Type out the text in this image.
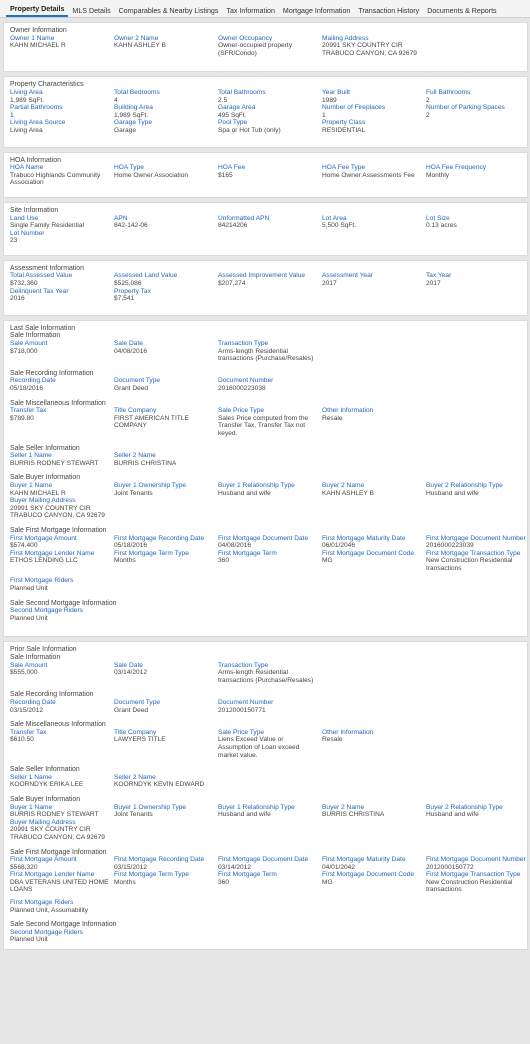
Property Details	MLS Details	Comparables & Nearby Listings	Tax Information	Mortgage Information	Transaction History	Documents & Reports
Owner Information
Owner 1 Name
KAHN MICHAEL R
Owner 2 Name
KAHN ASHLEY B
Owner Occupancy
Owner-occupied property (SFR/Condo)
Mailing Address
20991 SKY COUNTRY CIR TRABUCO CANYON, CA 92679
Property Characteristics
Living Area
1,989 SqFt.
Total Bedrooms
4
Total Bathrooms
2.5
Year Built
1989
Full Bathrooms
2
Partial Bathrooms
1
Building Area
1,989 SqFt.
Garage Area
495 SqFt.
Number of Fireplaces
1
Number of Parking Spaces
2
Living Area Source
Living Area
Garage Type
Garage
Pool Type
Spa or Hot Tub (only)
Property Class
RESIDENTIAL
HOA Information
HOA Name
Trabuco Highlands Community Association
HOA Type
Home Owner Association
HOA Fee
$165
HOA Fee Type
Home Owner Assessments Fee
HOA Fee Frequency
Monthly
Site Information
Land Use
Single Family Residential
APN
842-142-06
Unformatted APN
84214206
Lot Area
5,500 SqFt.
Lot Size
0.13 acres
Lot Number
23
Assessment Information
Total Assessed Value
$732,360
Assessed Land Value
$525,086
Assessed Improvement Value
$207,274
Assessment Year
2017
Tax Year
2017
Delinquent Tax Year
2016
Property Tax
$7,541
Last Sale Information
Sale Information
Sale Amount
$718,000
Sale Date
04/08/2016
Transaction Type
Arms-length Residential transactions (Purchase/Resales)
Sale Recording Information
Recording Date
05/18/2016
Document Type
Grant Deed
Document Number
2016000223038
Sale Miscellaneous Information
Transfer Tax
$789.80
Title Company
FIRST AMERICAN TITLE COMPANY
Sale Price Type
Sales Price computed from the Transfer Tax, Transfer Tax not keyed.
Other Information
Resale
Sale Seller Information
Seller 1 Name
BURRIS RODNEY STEWART
Seller 2 Name
BURRIS CHRISTINA
Sale Buyer Information
Buyer 1 Name
KAHN MICHAEL R
Buyer 1 Ownership Type
Joint Tenants
Buyer 1 Relationship Type
Husband and wife
Buyer 2 Name
KAHN ASHLEY B
Buyer 2 Relationship Type
Husband and wife
Buyer Mailing Address
20991 SKY COUNTRY CIR TRABUCO CANYON, CA 92679
Sale First Mortgage Information
First Mortgage Amount
$574,400
First Mortgage Recording Date
05/18/2016
First Mortgage Document Date
04/08/2016
First Mortgage Maturity Date
06/01/2046
First Mortgage Document Number
2016000223039
First Mortgage Lender Name
ETHOS LENDING LLC
First Mortgage Term Type
Months
First Mortgage Term
360
First Mortgage Document Code
MG
First Mortgage Transaction Type
New Construction Residential transactions
First Mortgage Riders
Planned Unit
Sale Second Mortgage Information
Second Mortgage Riders
Planned Unit
Prior Sale Information
Sale Information
Sale Amount
$555,000
Sale Date
03/14/2012
Transaction Type
Arms-length Residential transactions (Purchase/Resales)
Sale Recording Information
Recording Date
03/15/2012
Document Type
Grant Deed
Document Number
2012000150771
Sale Miscellaneous Information
Transfer Tax
$610.50
Title Company
LAWYERS TITLE
Sale Price Type
Liens Exceed Value or Assumption of Loan exceed market value.
Other Information
Resale
Sale Seller Information
Seller 1 Name
KOORNDYK ERIKA LEE
Seller 2 Name
KOORNDYK KEVIN EDWARD
Sale Buyer Information
Buyer 1 Name
BURRIS RODNEY STEWART
Buyer 1 Ownership Type
Joint Tenants
Buyer 1 Relationship Type
Husband and wife
Buyer 2 Name
BURRIS CHRISTINA
Buyer 2 Relationship Type
Husband and wife
Buyer Mailing Address
20991 SKY COUNTRY CIR TRABUCO CANYON, CA 92679
Sale First Mortgage Information
First Mortgage Amount
$568,320
First Mortgage Recording Date
03/15/2012
First Mortgage Document Date
03/14/2012
First Mortgage Maturity Date
04/01/2042
First Mortgage Document Number
2012000150772
First Mortgage Lender Name
DBA VETERANS UNITED HOME LOANS
First Mortgage Term Type
Months
First Mortgage Term
360
First Mortgage Document Code
MG
First Mortgage Transaction Type
New Construction Residential transactions
First Mortgage Riders
Planned Unit, Assumability
Sale Second Mortgage Information
Second Mortgage Riders
Planned Unit
